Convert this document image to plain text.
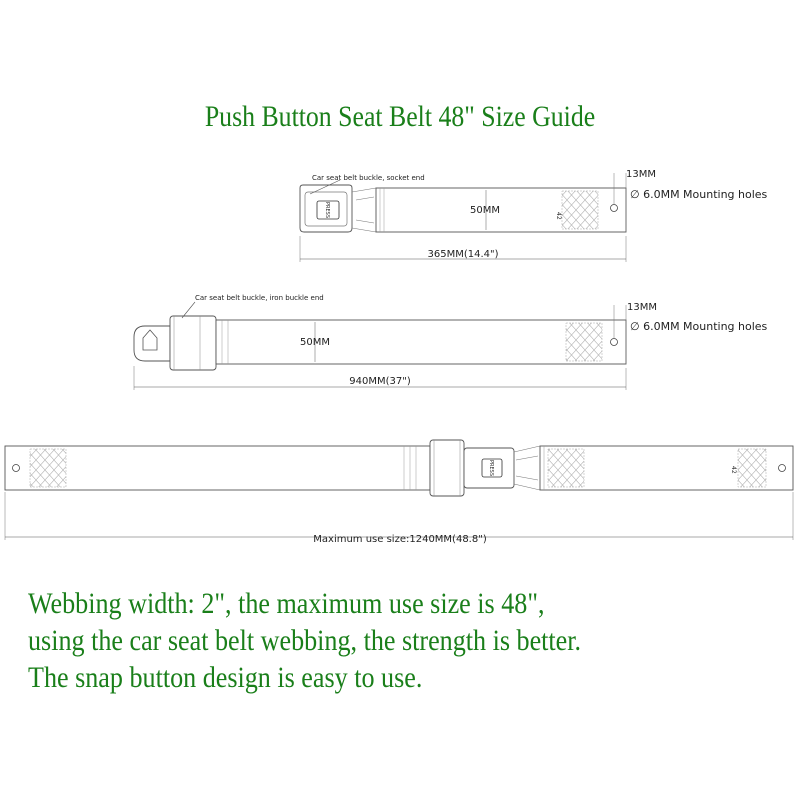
Push Button Seat Belt 48" Size Guide
PRESS	42
50MM
Car seat belt buckle, socket end	13MM
∅ 6.0MM Mounting holes
365MM(14.4")
50MM
Car seat belt buckle, iron buckle end
13MM
∅ 6.0MM Mounting holes
940MM(37")
PRESS	42
Maximum use size:1240MM(48.8")
Webbing width: 2", the maximum use size is 48",
using the car seat belt webbing, the strength is better.
The snap button design is easy to use.
